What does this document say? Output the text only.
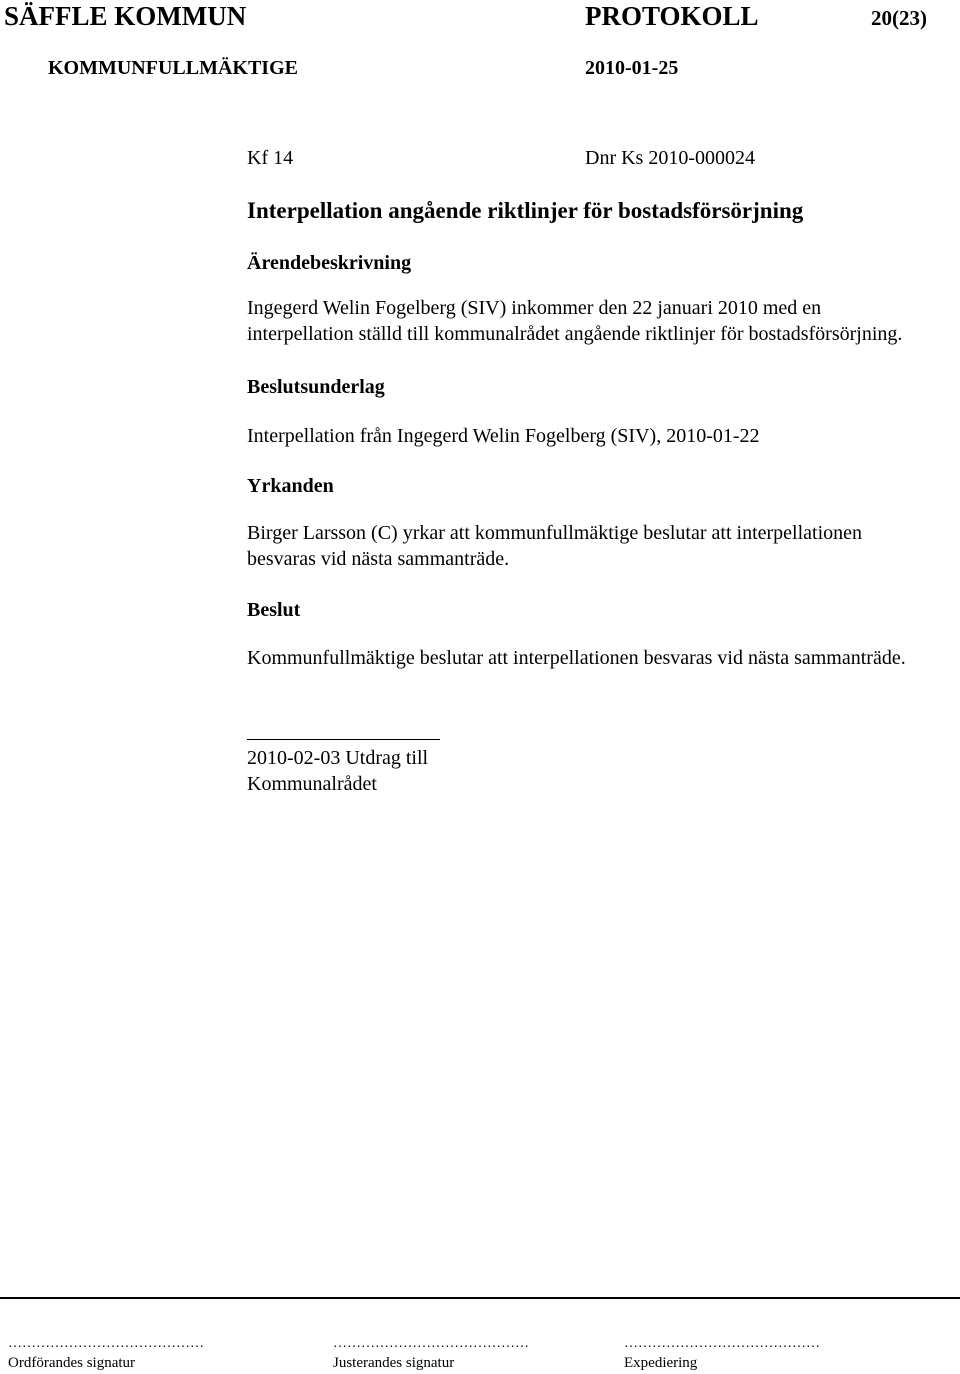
SÄFFLE KOMMUN	PROTOKOLL	20(23)
KOMMUNFULLMÄKTIGE	2010-01-25
Kf 14	Dnr Ks 2010-000024
Interpellation angående riktlinjer för bostadsförsörjning
Ärendebeskrivning
Ingegerd Welin Fogelberg (SIV) inkommer den 22 januari 2010 med en
interpellation ställd till kommunalrådet angående riktlinjer för bostadsförsörjning.
Beslutsunderlag
Interpellation från Ingegerd Welin Fogelberg (SIV), 2010-01-22
Yrkanden
Birger Larsson (C) yrkar att kommunfullmäktige beslutar att interpellationen
besvaras vid nästa sammanträde.
Beslut
Kommunfullmäktige beslutar att interpellationen besvaras vid nästa sammanträde.
2010-02-03 Utdrag till
Kommunalrådet
……………………………………	……………………………………	……………………………………
Ordförandes signatur	Justerandes signatur	Expediering
